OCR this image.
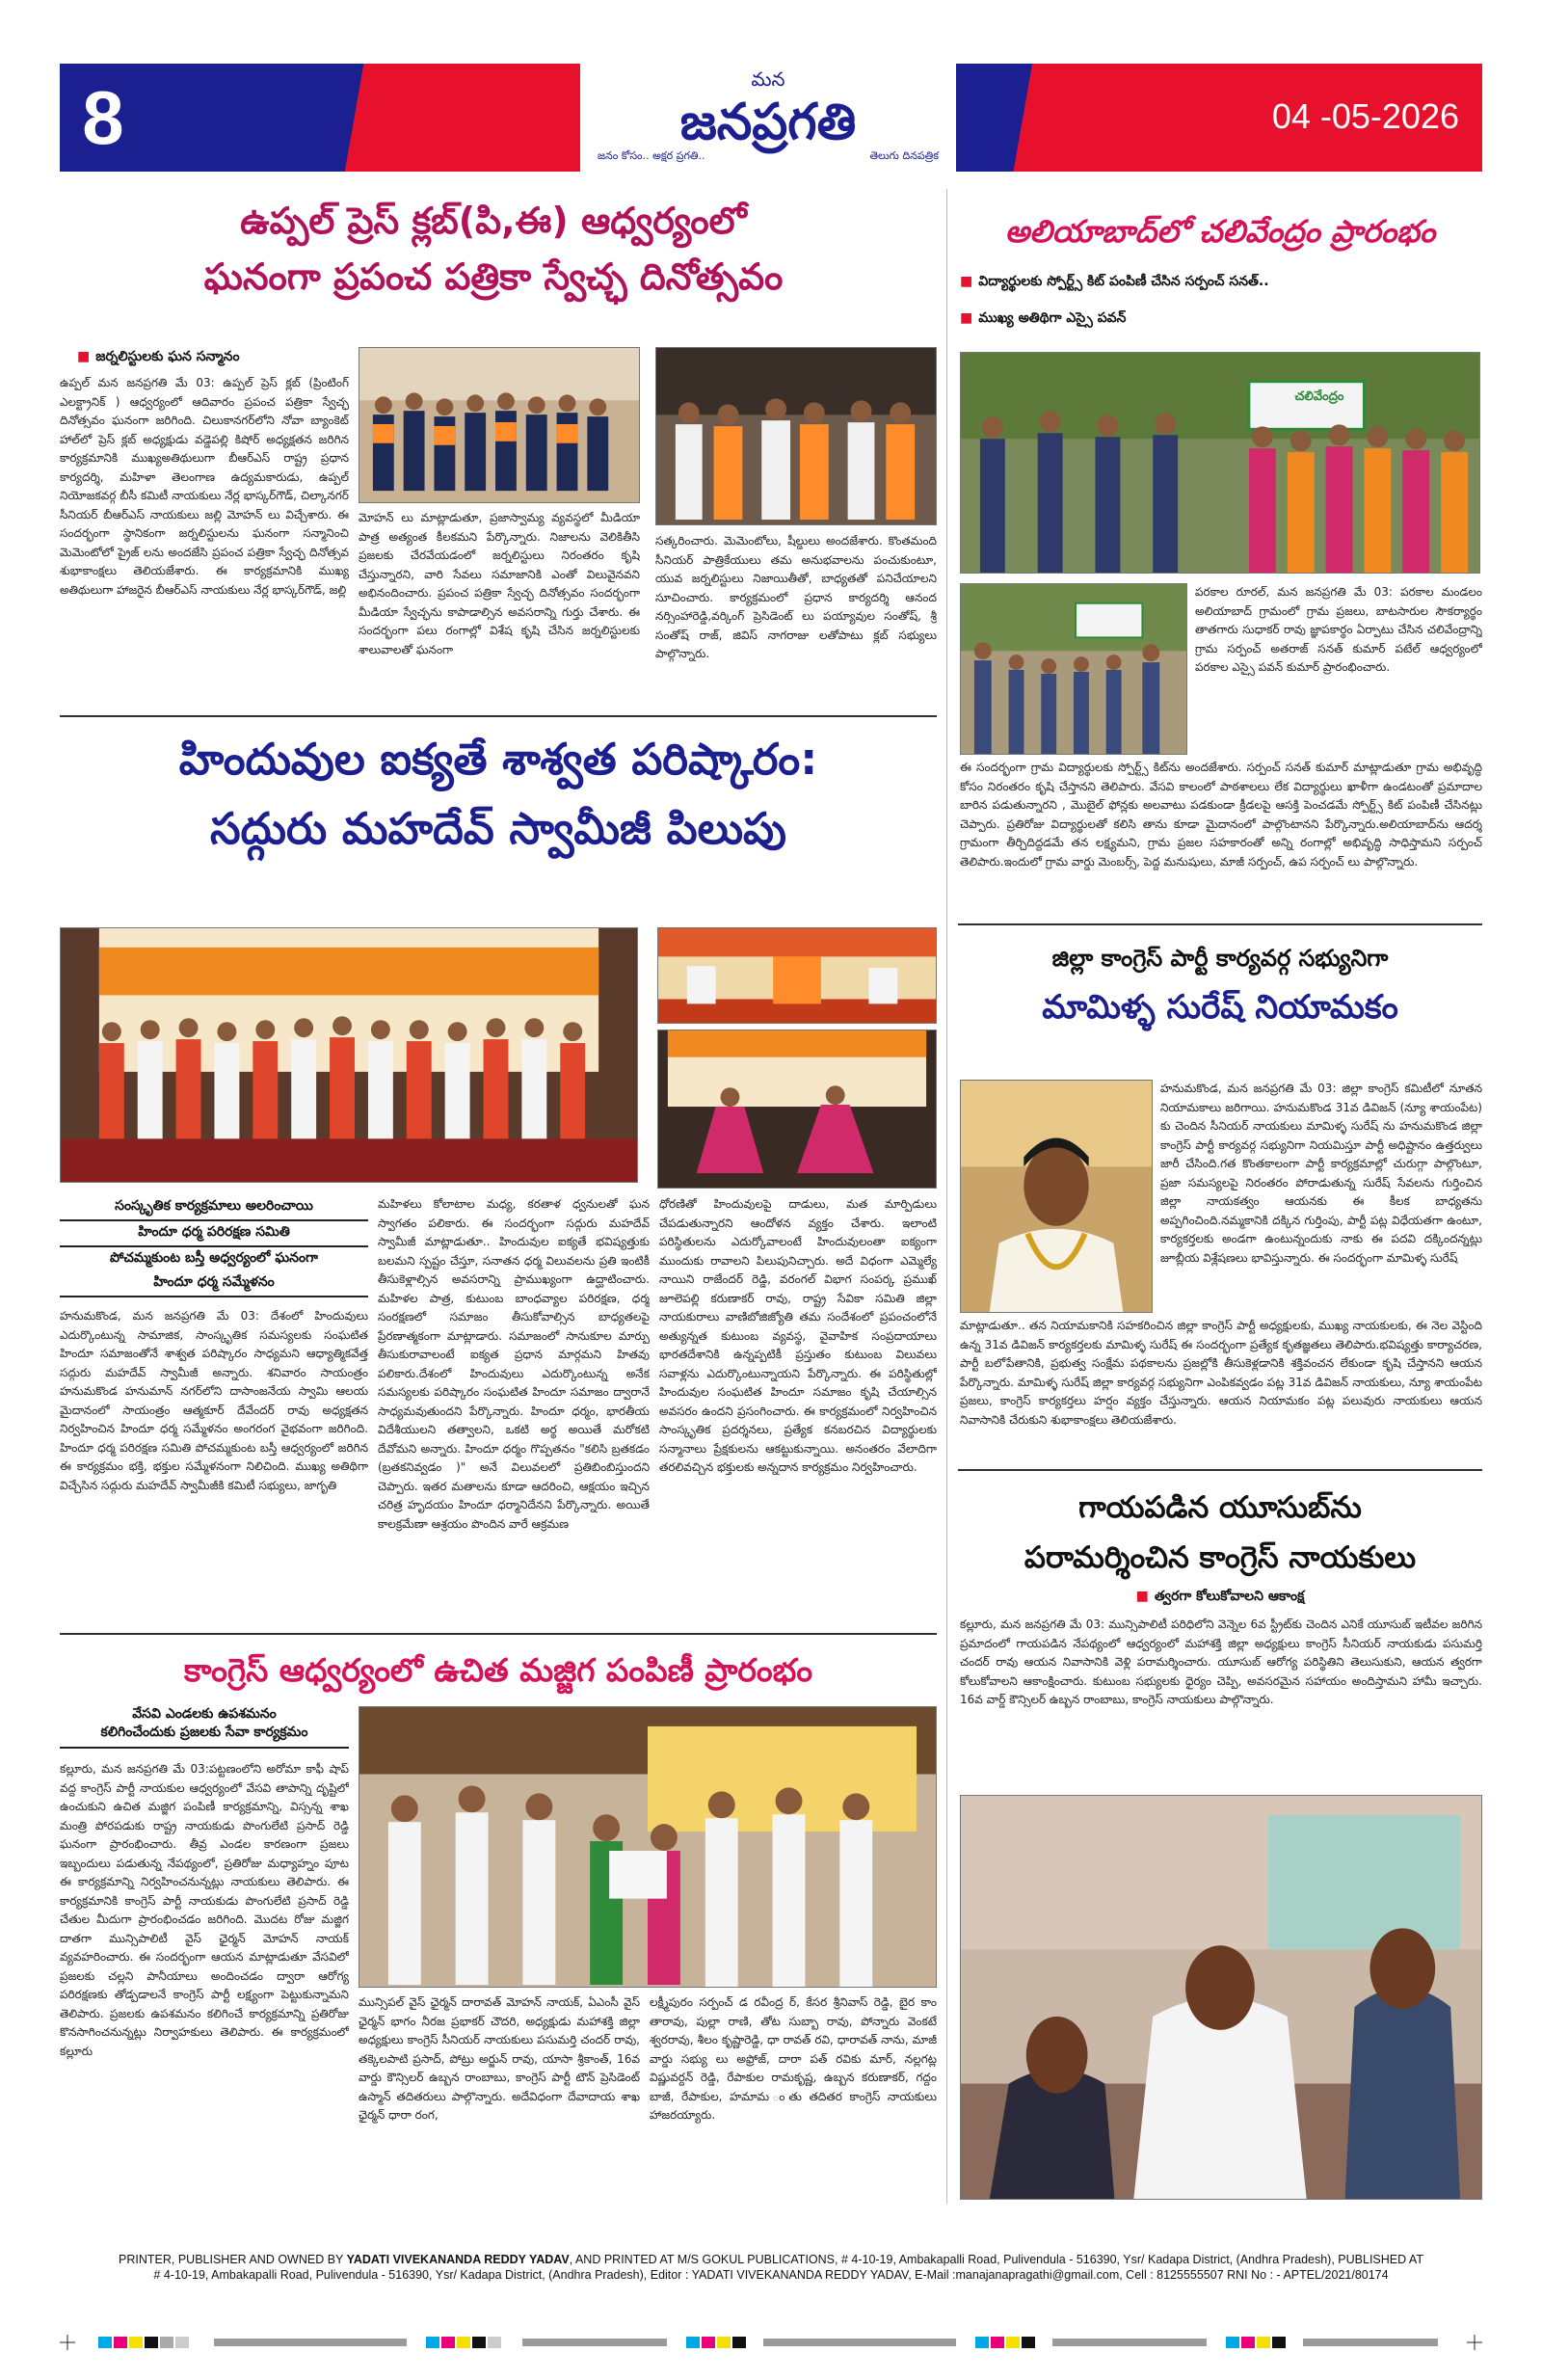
8	మన
జనప్రగతి
జనం కోసం.. అక్షర ప్రగతి..	తెలుగు దినపత్రిక
04 -05-2026
ఉప్పల్ ప్రెస్ క్లబ్(పి,ఈ) ఆధ్వర్యంలో
ఘనంగా ప్రపంచ పత్రికా స్వేచ్ఛ దినోత్సవం
■ జర్నలిస్టులకు ఘన సన్మానం
ఉప్పల్ మన జనప్రగతి మే 03: ఉప్పల్ ప్రెస్ క్లబ్ (ప్రింటింగ్ ఎలక్ట్రానిక్ ) ఆధ్వర్యంలో ఆదివారం ప్రపంచ పత్రికా స్వేచ్ఛ దినోత్సవం ఘనంగా జరిగింది. చిలుకానగర్‌లోని నోవా బ్యాంకెట్ హాల్‌లో ప్రెస్ క్లబ్ అధ్యక్షుడు వడ్డెపల్లి కిషోర్ అధ్యక్షతన జరిగిన కార్యక్రమానికి ముఖ్యఅతిథులుగా బీఆర్ఎస్ రాష్ట్ర ప్రధాన కార్యదర్శి, మహిళా తెలంగాణ ఉద్యమకారుడు, ఉప్పల్ నియోజకవర్గ బీసీ కమిటీ నాయకులు నేర్ల భాస్కర్‌గౌడ్, చిల్కానగర్ సీనియర్ బీఆర్ఎస్ నాయకులు జల్లి మోహన్ లు విచ్చేశారు. ఈ సందర్భంగా స్థానికంగా జర్నలిస్టులను ఘనంగా సన్మానించి మెమెంటోలో ప్రైజ్ లను అందజేసి ప్రపంచ పత్రికా స్వేచ్ఛ దినోత్సవ శుభాకాంక్షలు తెలియజేశారు. ఈ కార్యక్రమానికి ముఖ్య అతిథులుగా హాజరైన బీఆర్ఎస్ నాయకులు నేర్ల భాస్కర్‌గౌడ్, జల్లి
మోహన్ లు మాట్లాడుతూ, ప్రజాస్వామ్య వ్యవస్థలో మీడియా పాత్ర అత్యంత కీలకమని పేర్కొన్నారు. నిజాలను వెలికితీసి ప్రజలకు చేరవేయడంలో జర్నలిస్టులు నిరంతరం కృషి చేస్తున్నారని, వారి సేవలు సమాజానికి ఎంతో విలువైనవని అభినందించారు. ప్రపంచ పత్రికా స్వేచ్ఛ దినోత్సవం సందర్భంగా మీడియా స్వేచ్ఛను కాపాడాల్సిన అవసరాన్ని గుర్తు చేశారు. ఈ సందర్భంగా పలు రంగాల్లో విశేష కృషి చేసిన జర్నలిస్టులకు శాలువాలతో ఘనంగా
సత్కరించారు. మెమెంటోలు, షీల్డులు అందజేశారు. కొంతమంది సీనియర్ పాత్రికేయులు తమ అనుభవాలను పంచుకుంటూ, యువ జర్నలిస్టులు నిజాయితీతో, బాధ్యతతో పనిచేయాలని సూచించారు. కార్యక్రమంలో ప్రధాన కార్యదర్శి ఆనంద నర్సింహారెడ్డి,వర్కింగ్ ప్రెసిడెంట్ లు పయ్యావుల సంతోష్, శ్రీ సంతోష్ రాజ్, జివిస్ నాగరాజు లతోపాటు క్లబ్ సభ్యులు పాల్గొన్నారు.
హిందువుల ఐక్యతే శాశ్వత పరిష్కారం:
సద్గురు మహదేవ్ స్వామీజీ పిలుపు
సంస్కృతిక కార్యక్రమాలు అలరించాయి
హిందూ ధర్మ పరిరక్షణ సమితి
పోచమ్మకుంట బస్తీ అధ్వర్యంలో ఘనంగా
హిందూ ధర్మ సమ్మేళనం
హనుమకొండ, మన జనప్రగతి మే 03: దేశంలో హిందువులు ఎదుర్కొంటున్న సామాజిక, సాంస్కృతిక సమస్యలకు సంఘటిత హిందూ సమాజంతోనే శాశ్వత పరిష్కారం సాధ్యమని ఆధ్యాత్మికవేత్త సద్గురు మహదేవ్ స్వామీజీ అన్నారు. శనివారం సాయంత్రం హనుమకొండ హనుమాన్ నగర్‌లోని దాసాంజనేయ స్వామి ఆలయ మైదానంలో సాయంత్రం ఆత్మకూర్ దేవేందర్ రావు అధ్యక్షతన నిర్వహించిన హిందూ ధర్మ సమ్మేళనం అంగరంగ వైభవంగా జరిగింది. హిందూ ధర్మ పరిరక్షణ సమితి పోచమ్మకుంట బస్తీ ఆధ్వర్యంలో జరిగిన ఈ కార్యక్రమం భక్తి, భక్తుల సమ్మేళనంగా నిలిచింది. ముఖ్య అతిథిగా విచ్చేసిన సద్గురు మహదేవ్ స్వామీజీకి కమిటీ సభ్యులు, జాగృతి
మహిళలు కోలాటాల మధ్య, కరతాళ ధ్వనులతో ఘన స్వాగతం పలికారు. ఈ సందర్భంగా సద్గురు మహదేవ్ స్వామీజీ మాట్లాడుతూ.. హిందువుల ఐక్యతే భవిష్యత్తుకు బలమని స్పష్టం చేస్తూ, సనాతన ధర్మ విలువలను ప్రతి ఇంటికీ తీసుకెళ్లాల్సిన అవసరాన్ని ప్రాముఖ్యంగా ఉద్ఘాటించారు. మహిళల పాత్ర, కుటుంబ బాంధవ్యాల పరిరక్షణ, ధర్మ సంరక్షణలో సమాజం తీసుకోవాల్సిన బాధ్యతలపై ప్రేరణాత్మకంగా మాట్లాడారు. సమాజంలో సానుకూల మార్పు తీసుకురావాలంటే ఐక్యత ప్రధాన మార్గమని హితవు పలికారు.దేశంలో హిందువులు ఎదుర్కొంటున్న అనేక సమస్యలకు పరిష్కారం సంఘటిత హిందూ సమాజం ద్వారానే సాధ్యమవుతుందని పేర్కొన్నారు. హిందూ ధర్మం, భారతీయ విదేశీయులని తత్వాలని, ఒకటి అర్థ అయితే మరోకటి దేవోమని అన్నారు. హిందూ ధర్మం గొప్పతనం "కలిసి బ్రతకడం (బ్రతకనివ్వడం )" అనే విలువలలో ప్రతిబింబిస్తుందని చెప్పారు. ఇతర మతాలను కూడా ఆదరించి, ఆక్షయం ఇచ్చిన చరిత్ర హృదయం హిందూ ధర్మానిదేనని పేర్కొన్నారు. అయితే కాలక్రమేణా ఆశ్రయం పొందిన వారే ఆక్రమణ
ధోరణితో హిందువులపై దాడులు, మత మార్పిడులు చేపడుతున్నారని ఆందోళన వ్యక్తం చేశారు. ఇలాంటి పరిస్థితులను ఎదుర్కోవాలంటే హిందువులంతా ఐక్యంగా ముందుకు రావాలని పిలుపునిచ్చారు. అదే విధంగా ఎమ్మెల్యే నాయిని రాజేందర్ రెడ్డి, వరంగల్ విభాగ సంపర్క ప్రముఖ్ జూలెపల్లి కరుణాకర్ రావు, రాష్ట్ర సేవికా సమితి జిల్లా నాయకురాలు వాణిబోజిజ్యోతి తమ సందేశంలో ప్రపంచంలోనే అత్యున్నత కుటుంబ వ్యవస్థ, వైవాహిక సంప్రదాయాలు భారతదేశానికి ఉన్నప్పటికీ ప్రస్తుతం కుటుంబ విలువలు సవాళ్లను ఎదుర్కొంటున్నాయని పేర్కొన్నారు. ఈ పరిస్థితుల్లో హిందువుల సంఘటిత హిందూ సమాజం కృషి చేయాల్సిన అవసరం ఉందని ప్రసంగించారు. ఈ కార్యక్రమంలో నిర్వహించిన సాంస్కృతిక ప్రదర్శనలు, ప్రత్యేక కనబరచిన విద్యార్థులకు సన్మానాలు ప్రేక్షకులను ఆకట్టుకున్నాయి. అనంతరం వేలాదిగా తరలివచ్చిన భక్తులకు అన్నదాన కార్యక్రమం నిర్వహించారు.
కాంగ్రెస్ ఆధ్వర్యంలో ఉచిత మజ్జిగ పంపిణీ ప్రారంభం
వేసవి ఎండలకు ఉపశమనం
కలిగించేందుకు ప్రజలకు సేవా కార్యక్రమం
కల్లూరు, మన జనప్రగతి మే 03:పట్టణంలోని అరోమా కాఫీ షాప్ వద్ద కాంగ్రెస్ పార్టీ నాయకుల ఆధ్వర్యంలో వేసవి తాపాన్ని దృష్టిలో ఉంచుకుని ఉచిత మజ్జిగ పంపిణీ కార్యక్రమాన్ని, విస్సన్న శాఖ మంత్రి పోరపడుకు రాష్ట్ర నాయకుడు పొంగులేటి ప్రసాద్ రెడ్డి ఘనంగా ప్రారంభించారు. తీవ్ర ఎండల కారణంగా ప్రజలు ఇబ్బందులు పడుతున్న నేపథ్యంలో, ప్రతిరోజు మధ్యాహ్నం పూట ఈ కార్యక్రమాన్ని నిర్వహించనున్నట్లు నాయకులు తెలిపారు. ఈ కార్యక్రమానికి కాంగ్రెస్ పార్టీ నాయకుడు పొంగులేటి ప్రసాద్ రెడ్డి చేతుల మీదుగా ప్రారంభించడం జరిగింది. మొదట రోజు మజ్జిగ దాతగా మున్సిపాలిటీ వైస్ ఛైర్మన్ మోహన్ నాయక్ వ్యవహరించారు. ఈ సందర్భంగా ఆయన మాట్లాడుతూ వేసవిలో ప్రజలకు చల్లని పానీయాలు అందించడం ద్వారా ఆరోగ్య పరిరక్షణకు తోడ్పడాలనే కాంగ్రెస్ పార్టీ లక్ష్యంగా పెట్టుకున్నామని తెలిపారు. ప్రజలకు ఉపశమనం కలిగించే కార్యక్రమాన్ని ప్రతిరోజు కొనసాగించనున్నట్లు నిర్వాహకులు తెలిపారు. ఈ కార్యక్రమంలో కల్లూరు
మున్సిపల్ వైస్ ఛైర్మన్ దారావత్ మోహన్ నాయక్, ఏఎంసీ వైస్ ఛైర్మన్ భాగం నీరజ ప్రభాకర్ చౌదరి, అధ్యక్షుడు మహాశక్తి జిల్లా అధ్యక్షులు కాంగ్రెస్ సీనియర్ నాయకులు పసుమర్తి చందర్ రావు, తక్కెలపాటి ప్రసాద్, పోట్రు అర్జున్ రావు, యాసా శ్రీకాంత్, 16వ వార్డు కౌన్సిలర్ ఉబ్బన రాంబాబు, కాంగ్రెస్ పార్టీ టౌన్ ప్రెసిడెంట్ ఉస్మాన్ తదితరులు పాల్గొన్నారు. అదేవిధంగా దేవాదాయ శాఖ ఛైర్మన్ ధారా రంగ,
లక్ష్మీపురం సర్పంచ్ డ రవీంద్ర ర్, కేసర శ్రీనివాస్ రెడ్డి, బైర కాం తారావు, పుల్లా రాణి, తోట సుబ్బా రావు, పోన్నారు వెంకటే శ్వరరావు, శీలం కృష్ణారెడ్డి, ధా రావత్ రవి, ధారావత్ నాను, మాజీ వార్డు సభ్యు లు అఫ్రోజ్, దారా పత్ రవికు మార్, నల్లగట్ల విష్ణువర్దన్ రెడ్డి, రేపాకుల రామకృష్ణ, ఉబ్బన కరుణాకర్, గద్దం బాజీ, రేపాకుల, హమామ ంతు తదితర కాంగ్రెస్ నాయకులు హాజరయ్యారు.
అలియాబాద్‌లో చలివేంద్రం ప్రారంభం
■ విద్యార్థులకు స్పోర్ట్స్ కిట్ పంపిణీ చేసిన సర్పంచ్ సనత్..
■ ముఖ్య అతిథిగా ఎస్సై పవన్
చలివేంద్రం
పరకాల రూరల్, మన జనప్రగతి మే 03: పరకాల మండలం అలియాబాద్ గ్రామంలో గ్రామ ప్రజలు, బాటసారుల సౌకర్యార్థం తాతగారు సుధాకర్ రావు జ్ఞాపకార్థం ఏర్పాటు చేసిన చలివేంద్రాన్ని గ్రామ సర్పంచ్ అతరాజ్ సనత్ కుమార్ పటేల్ ఆధ్వర్యంలో పరకాల ఎస్సై పవన్ కుమార్ ప్రారంభించారు.
ఈ సందర్భంగా గ్రామ విద్యార్థులకు స్పోర్ట్స్ కిట్‌ను అందజేశారు. సర్పంచ్ సనత్ కుమార్ మాట్లాడుతూ గ్రామ అభివృద్ధి కోసం నిరంతరం కృషి చేస్తానని తెలిపారు. వేసవి కాలంలో పాఠశాలలు లేక విద్యార్థులు ఖాళీగా ఉండటంతో ప్రమాదాల బారిన పడుతున్నారని , మొబైల్ ఫోన్లకు అలవాటు పడకుండా క్రీడలపై ఆసక్తి పెంచడమే స్పోర్ట్స్ కిట్ పంపిణీ చేసినట్లు చెప్పారు. ప్రతిరోజు విద్యార్థులతో కలిసి తాను కూడా మైదానంలో పాల్గొంటానని పేర్కొన్నారు.అలియాబాద్‌ను ఆదర్శ గ్రామంగా తీర్చిదిద్దడమే తన లక్ష్యమని, గ్రామ ప్రజల సహకారంతో అన్ని రంగాల్లో అభివృద్ధి సాధిస్తామని సర్పంచ్ తెలిపారు.ఇందులో గ్రామ వార్డు మెంబర్స్, పెద్ద మనుషులు, మాజీ సర్పంచ్, ఉప సర్పంచ్ లు పాల్గొన్నారు.
జిల్లా కాంగ్రెస్ పార్టీ కార్యవర్గ సభ్యునిగా
మామిళ్ళ సురేష్ నియామకం
హనుమకొండ, మన జనప్రగతి మే 03: జిల్లా కాంగ్రెస్ కమిటీలో నూతన నియామకాలు జరిగాయి. హనుమకొండ 31వ డివిజన్ (న్యూ శాయంపేట) కు చెందిన సీనియర్ నాయకులు మామిళ్ళ సురేష్ ను హనుమకొండ జిల్లా కాంగ్రెస్ పార్టీ కార్యవర్గ సభ్యునిగా నియమిస్తూ పార్టీ అధిష్టానం ఉత్తర్వులు జారీ చేసింది.గత కొంతకాలంగా పార్టీ కార్యక్రమాల్లో చురుగ్గా పాల్గొంటూ, ప్రజా సమస్యలపై నిరంతరం పోరాడుతున్న సురేష్ సేవలను గుర్తించిన జిల్లా నాయకత్వం ఆయనకు ఈ కీలక బాధ్యతను అప్పగించింది.నమ్మకానికి దక్కిన గుర్తింపు, పార్టీ పట్ల విధేయతగా ఉంటూ, కార్యకర్తలకు అండగా ఉంటున్నందుకు నాకు ఈ పదవి దక్కిందన్నట్లు జూబ్లీయ విశ్లేషణలు భావిస్తున్నారు. ఈ సందర్భంగా మామిళ్ళ సురేష్
మాట్లాడుతూ.. తన నియామకానికి సహకరించిన జిల్లా కాంగ్రెస్ పార్టీ అధ్యక్షులకు, ముఖ్య నాయకులకు, ఈ నెల వెస్టింది ఉన్న 31వ డివిజన్ కార్యకర్తలకు మామిళ్ళ సురేష్ ఈ సందర్భంగా ప్రత్యేక కృతజ్ఞతలు తెలిపారు.భవిష్యత్తు కార్యాచరణ, పార్టీ బలోపేతానికి, ప్రభుత్వ సంక్షేమ పథకాలను ప్రజల్లోకి తీసుకెళ్లడానికి శక్తివంచన లేకుండా కృషి చేస్తానని ఆయన పేర్కొన్నారు. మామిళ్ళ సురేష్ జిల్లా కార్యవర్గ సభ్యునిగా ఎంపికవ్వడం పట్ల 31వ డివిజన్ నాయకులు, న్యూ శాయంపేట ప్రజలు, కాంగ్రెస్ కార్యకర్తలు హర్షం వ్యక్తం చేస్తున్నారు. ఆయన నియామకం పట్ల పలువురు నాయకులు ఆయన నివాసానికి చేరుకుని శుభాకాంక్షలు తెలియజేశారు.
గాయపడిన యూసుబ్‌ను
పరామర్శించిన కాంగ్రెస్ నాయకులు
■ త్వరగా కోలుకోవాలని ఆకాంక్ష
కల్లూరు, మన జనప్రగతి మే 03: మున్సిపాలిటీ పరిధిలోని వెన్నెల 6వ స్ట్రీట్‌కు చెందిన ఎనికే యూసుబ్ ఇటీవల జరిగిన ప్రమాదంలో గాయపడిన నేపథ్యంలో ఆధ్వర్యంలో మహాశక్తి జిల్లా అధ్యక్షులు కాంగ్రెస్ సీనియర్ నాయకుడు పసుమర్తి చందర్ రావు ఆయన నివాసానికి వెళ్లి పరామర్శించారు. యూసుబ్ ఆరోగ్య పరిస్థితిని తెలుసుకుని, ఆయన త్వరగా కోలుకోవాలని ఆకాంక్షించారు. కుటుంబ సభ్యులకు ధైర్యం చెప్పి, అవసరమైన సహాయం అందిస్తామని హామీ ఇచ్చారు. 16వ వార్డ్ కౌన్సిలర్ ఉబ్బన రాంబాబు, కాంగ్రెస్ నాయకులు పాల్గొన్నారు.
PRINTER, PUBLISHER AND OWNED BY YADATI VIVEKANANDA REDDY YADAV, AND PRINTED AT M/S GOKUL PUBLICATIONS, # 4-10-19, Ambakapalli Road, Pulivendula - 516390, Ysr/ Kadapa District, (Andhra Pradesh), PUBLISHED AT
# 4-10-19, Ambakapalli Road, Pulivendula - 516390, Ysr/ Kadapa District, (Andhra Pradesh), Editor : YADATI VIVEKANANDA REDDY YADAV, E-Mail :manajanapragathi@gmail.com, Cell : 8125555507 RNI No : - APTEL/2021/80174
